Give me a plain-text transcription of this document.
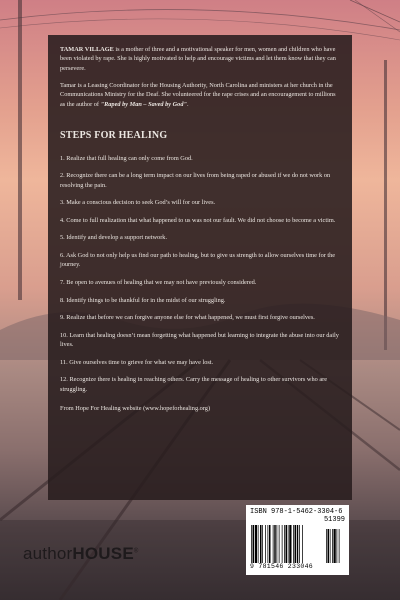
TAMAR VILLAGE is a mother of three and a motivational speaker for men, women and children who have been violated by rape. She is highly motivated to help and encourage victims and let them know that they can persevere.

Tamar is a Leasing Coordinator for the Housing Authority, North Carolina and ministers at her church in the Communications Ministry for the Deaf. She volunteered for the rape crises and an encouragement to millions as the author of "Raped by Man – Saved by God".

STEPS FOR HEALING
1. Realize that full healing can only come from God.
2. Recognize there can be a long term impact on our lives from being raped or abused if we do not work on resolving the pain.
3. Make a conscious decision to seek God’s will for our lives.
4. Come to full realization that what happened to us was not our fault. We did not choose to become a victim.
5. Identify and develop a support network.
6. Ask God to not only help us find our path to healing, but to give us strength to allow ourselves time for the journey.
7. Be open to avenues of healing that we may not have previously considered.
8. Identify things to be thankful for in the midst of our struggling.
9. Realize that before we can forgive anyone else for what happened, we must first forgive ourselves.
10. Learn that healing doesn’t mean forgetting what happened but learning to integrate the abuse into our daily lives.
11. Give ourselves time to grieve for what we may have lost.
12. Recognize there is healing in reaching others. Carry the message of healing to other survivors who are struggling.
From Hope For Healing website (www.hopeforhealing.org)
ISBN 978-1-5462-3304-6
51399
9 781546 233046
authorHOUSE®
